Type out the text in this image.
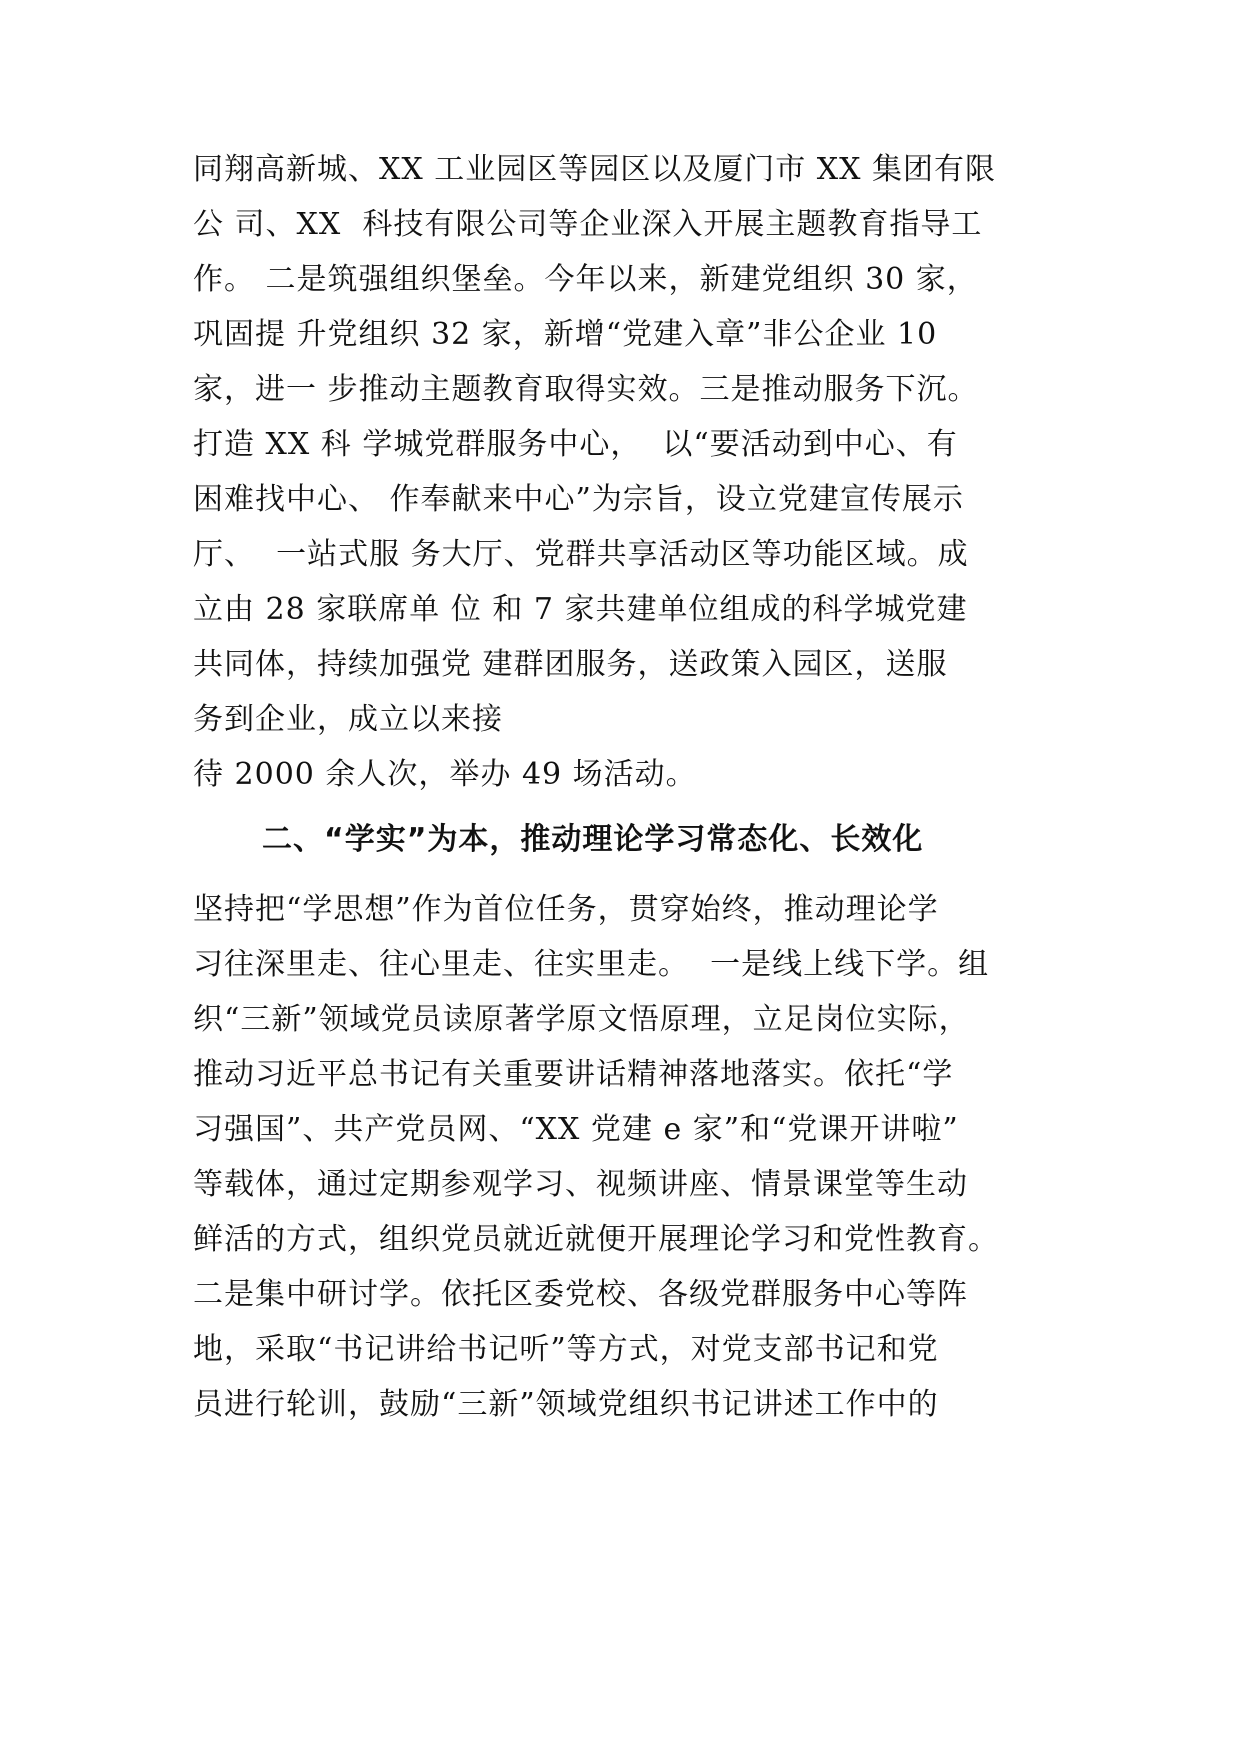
同翔高新城、XX 工业园区等园区以及厦门市 XX 集团有限
公 司、XX  科技有限公司等企业深入开展主题教育指导工
作。 二是筑强组织堡垒。今年以来，新建党组织 30 家，
巩固提 升党组织 32 家，新增“党建入章”非公企业 10
家，进一 步推动主题教育取得实效。三是推动服务下沉。
打造 XX 科 学城党群服务中心，  以“要活动到中心、有
困难找中心、 作奉献来中心”为宗旨，设立党建宣传展示
厅、  一站式服 务大厅、党群共享活动区等功能区域。成
立由 28 家联席单 位 和 7 家共建单位组成的科学城党建
共同体，持续加强党 建群团服务，送政策入园区，送服
务到企业，成立以来接
待 2000 余人次，举办 49 场活动。
二、“学实”为本，推动理论学习常态化、长效化
坚持把“学思想”作为首位任务，贯穿始终，推动理论学
习往深里走、往心里走、往实里走。  一是线上线下学。组
织“三新”领域党员读原著学原文悟原理，立足岗位实际，
推动习近平总书记有关重要讲话精神落地落实。依托“学
习强国”、共产党员网、“XX 党建 e 家”和“党课开讲啦”
等载体，通过定期参观学习、视频讲座、情景课堂等生动
鲜活的方式，组织党员就近就便开展理论学习和党性教育。
二是集中研讨学。依托区委党校、各级党群服务中心等阵
地，采取“书记讲给书记听”等方式，对党支部书记和党
员进行轮训，鼓励“三新”领域党组织书记讲述工作中的
